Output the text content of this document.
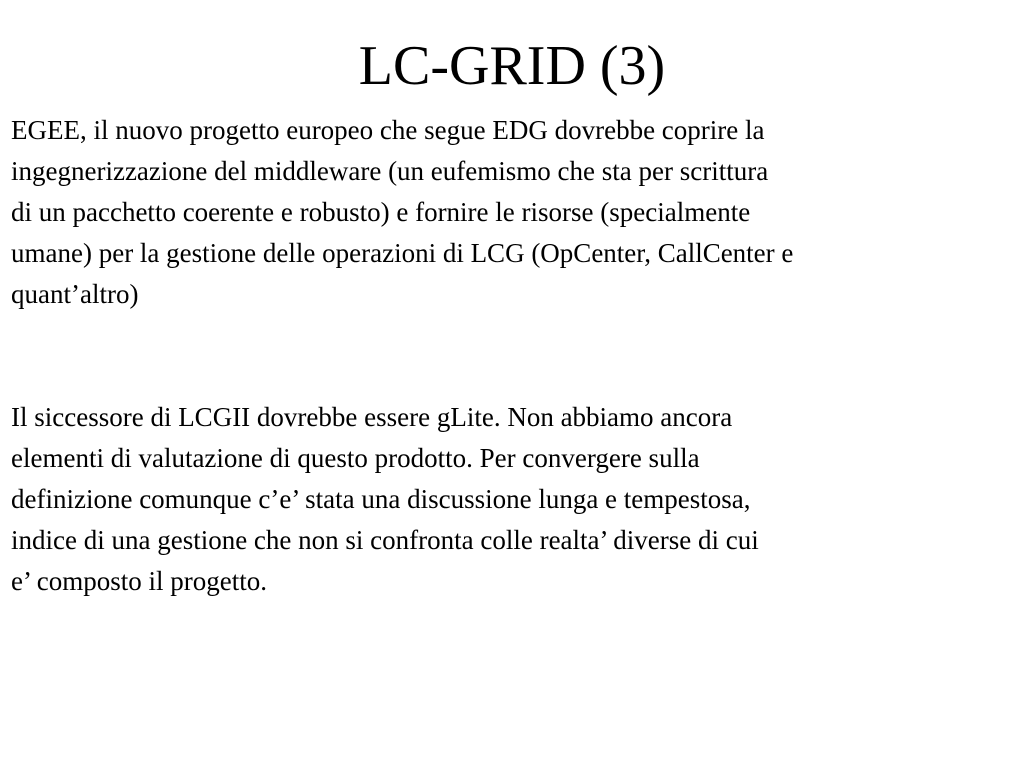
LC-GRID (3)

EGEE, il nuovo progetto europeo che segue EDG dovrebbe coprire la
ingegnerizzazione del middleware (un eufemismo che sta per scrittura
di un pacchetto coerente e robusto) e fornire le risorse (specialmente
umane) per la gestione delle operazioni di LCG (OpCenter, CallCenter e
quant’altro)

Il siccessore di LCGII dovrebbe essere gLite. Non abbiamo ancora
elementi di valutazione di questo prodotto. Per convergere sulla
definizione comunque c’e’ stata una discussione lunga e tempestosa,
indice di una gestione che non si confronta colle realta’ diverse di cui
e’ composto il progetto.
